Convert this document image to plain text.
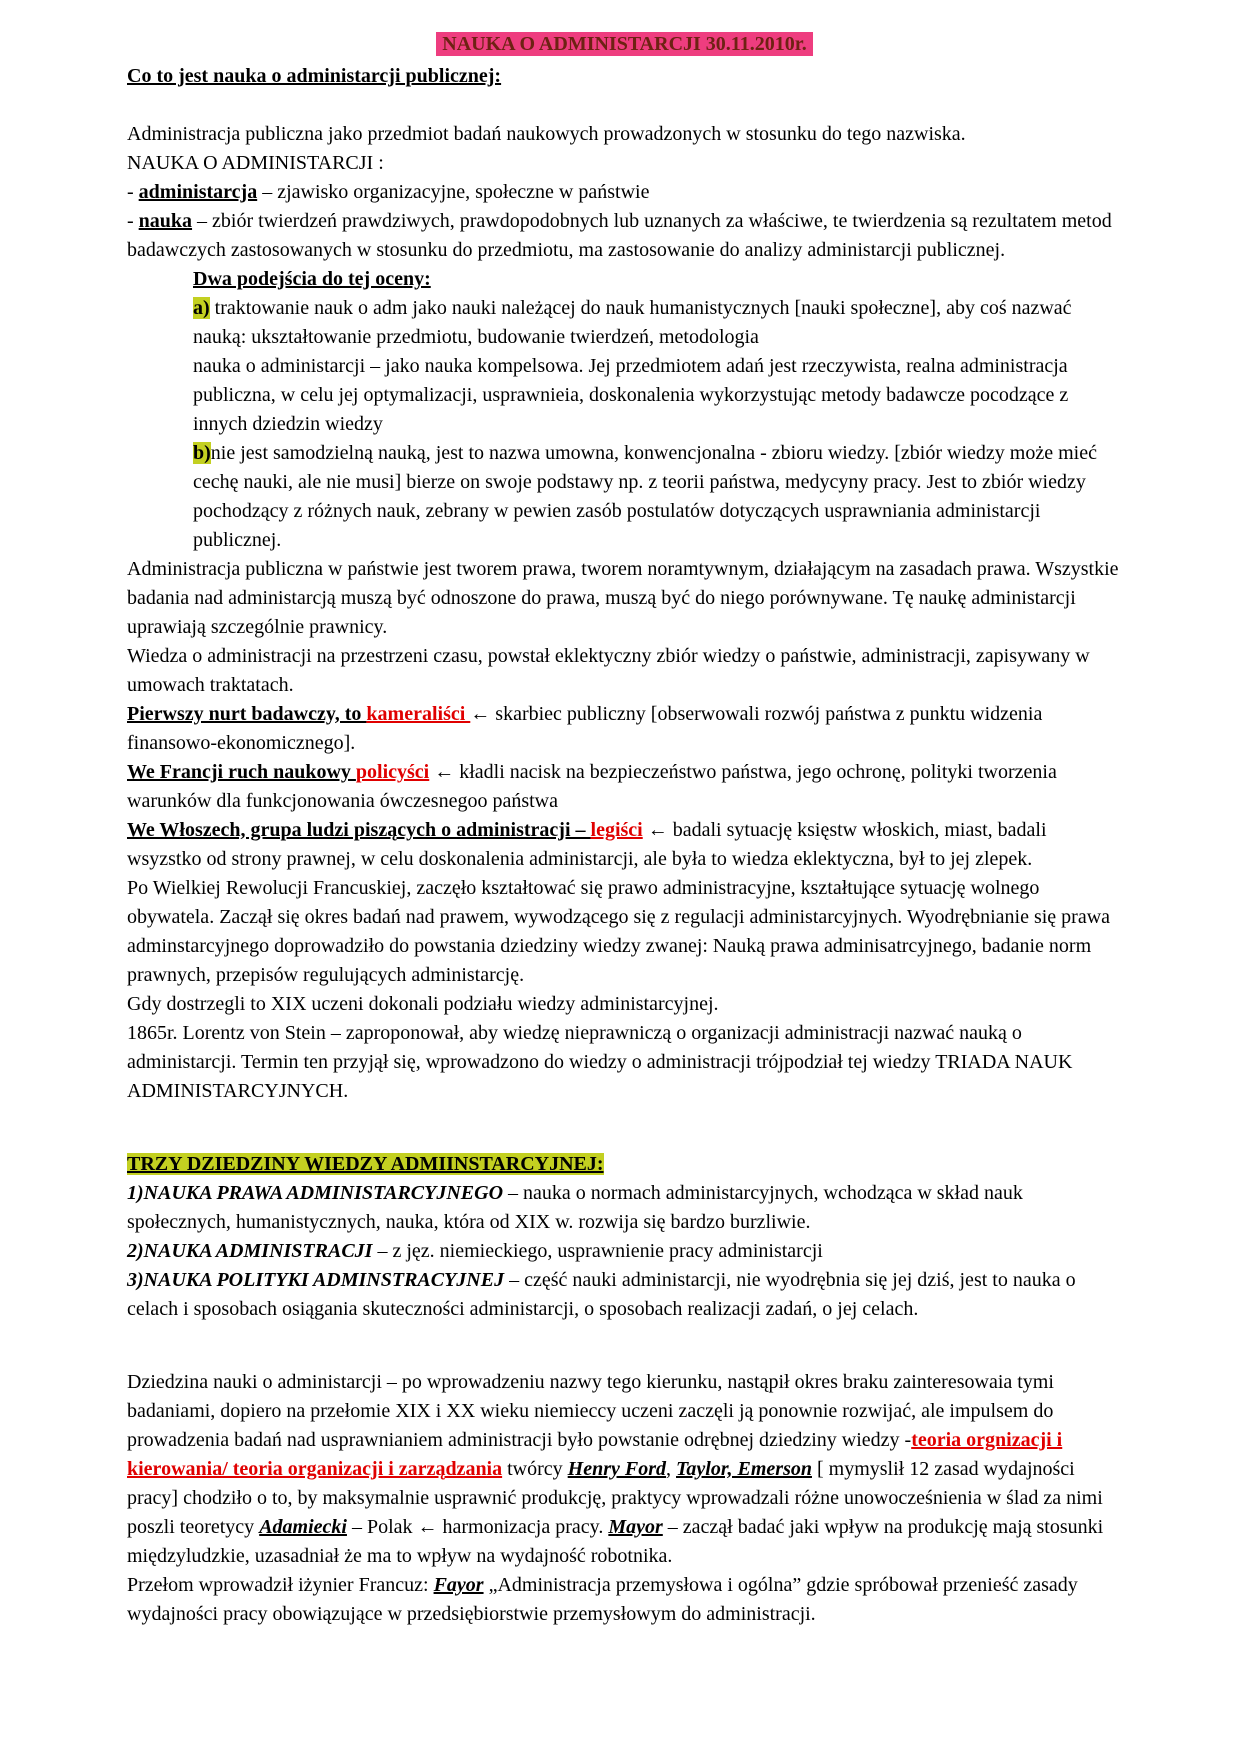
NAUKA O ADMINISTARCJI 30.11.2010r.

Co to jest nauka o administarcji publicznej:

Administracja publiczna jako przedmiot badań naukowych prowadzonych w stosunku do tego nazwiska.
NAUKA O ADMINISTARCJI :
- administarcja – zjawisko organizacyjne, społeczne w państwie
- nauka – zbiór twierdzeń prawdziwych, prawdopodobnych lub uznanych za właściwe, te twierdzenia są rezultatem metod badawczych zastosowanych w stosunku do przedmiotu, ma zastosowanie do analizy administarcji publicznej.

Dwa podejścia do tej oceny:

a) traktowanie nauk o adm jako nauki należącej do nauk humanistycznych [nauki społeczne], aby coś nazwać nauką: ukształtowanie przedmiotu, budowanie twierdzeń, metodologia
nauka o administarcji – jako nauka kompelsowa. Jej przedmiotem adań jest rzeczywista, realna administracja publiczna, w celu jej optymalizacji, usprawnieia, doskonalenia wykorzystując metody badawcze pocodzące z innych dziedzin wiedzy

b)nie jest samodzielną nauką, jest to nazwa umowna, konwencjonalna - zbioru wiedzy. [zbiór wiedzy może mieć cechę nauki, ale nie musi] bierze on swoje podstawy np. z teorii państwa, medycyny pracy. Jest to zbiór wiedzy pochodzący z różnych nauk, zebrany w pewien zasób postulatów dotyczących usprawniania administarcji publicznej.

Administracja publiczna w państwie jest tworem prawa, tworem noramtywnym, działającym na zasadach prawa. Wszystkie badania nad administarcją muszą być odnoszone do prawa, muszą być do niego porównywane. Tę naukę administarcji uprawiają szczególnie prawnicy.
Wiedza o administracji na przestrzeni czasu, powstał eklektyczny zbiór wiedzy o państwie, administracji, zapisywany w umowach traktatach.

Pierwszy nurt badawczy, to kameraliści ← skarbiec publiczny [obserwowali rozwój państwa z punktu widzenia finansowo-ekonomicznego].

We Francji ruch naukowy policyści ← kładli nacisk na bezpieczeństwo państwa, jego ochronę, polityki tworzenia warunków dla funkcjonowania ówczesnegoo państwa

We Włoszech, grupa ludzi piszących o administracji – legiści ← badali sytuację księstw włoskich, miast, badali wsyzstko od strony prawnej, w celu doskonalenia administarcji, ale była to wiedza eklektyczna, był to jej zlepek.

Po Wielkiej Rewolucji Francuskiej, zaczęło kształtować się prawo administracyjne, kształtujące sytuację wolnego obywatela. Zaczął się okres badań nad prawem, wywodzącego się z regulacji administarcyjnych. Wyodrębnianie się prawa adminstarcyjnego doprowadziło do powstania dziedziny wiedzy zwanej: Nauką prawa adminisatrcyjnego, badanie norm prawnych, przepisów regulujących administarcję.
Gdy dostrzegli to XIX uczeni dokonali podziału wiedzy administarcyjnej.
1865r. Lorentz von Stein – zaproponował, aby wiedzę nieprawniczą o organizacji administracji nazwać nauką o administarcji. Termin ten przyjął się, wprowadzono do wiedzy o administracji trójpodział tej wiedzy TRIADA NAUK ADMINISTARCYJNYCH.

TRZY DZIEDZINY WIEDZY ADMIINSTARCYJNEJ:

1)NAUKA PRAWA ADMINISTARCYJNEGO – nauka o normach administarcyjnych, wchodząca w skład nauk społecznych, humanistycznych, nauka, która od XIX w. rozwija się bardzo burzliwie.
2)NAUKA ADMINISTRACJI – z jęz. niemieckiego, usprawnienie pracy administarcji
3)NAUKA POLITYKI ADMINSTRACYJNEJ – część nauki administarcji, nie wyodrębnia się jej dziś, jest to nauka o celach i sposobach osiągania skuteczności administarcji, o sposobach realizacji zadań, o jej celach.

Dziedzina nauki o administarcji – po wprowadzeniu nazwy tego kierunku, nastąpił okres braku zainteresowaia tymi badaniami, dopiero na przełomie XIX i XX wieku niemieccy uczeni zaczęli ją ponownie rozwijać, ale impulsem do prowadzenia badań nad usprawnianiem administracji było powstanie odrębnej dziedziny wiedzy -teoria orgnizacji i kierowania/ teoria organizacji i zarządzania twórcy Henry Ford, Taylor, Emerson [ mymyslił 12 zasad wydajności pracy] chodziło o to, by maksymalnie usprawnić produkcję, praktycy wprowadzali różne unowocześnienia w ślad za nimi poszli teoretycy Adamiecki – Polak ← harmonizacja pracy. Mayor – zaczął badać jaki wpływ na produkcję mają stosunki międzyludzkie, uzasadniał że ma to wpływ na wydajność robotnika.

Przełom wprowadził iżynier Francuz: Fayor „Administracja przemysłowa i ogólna” gdzie spróbował przenieść zasady wydajności pracy obowiązujące w przedsiębiorstwie przemysłowym do administracji.
